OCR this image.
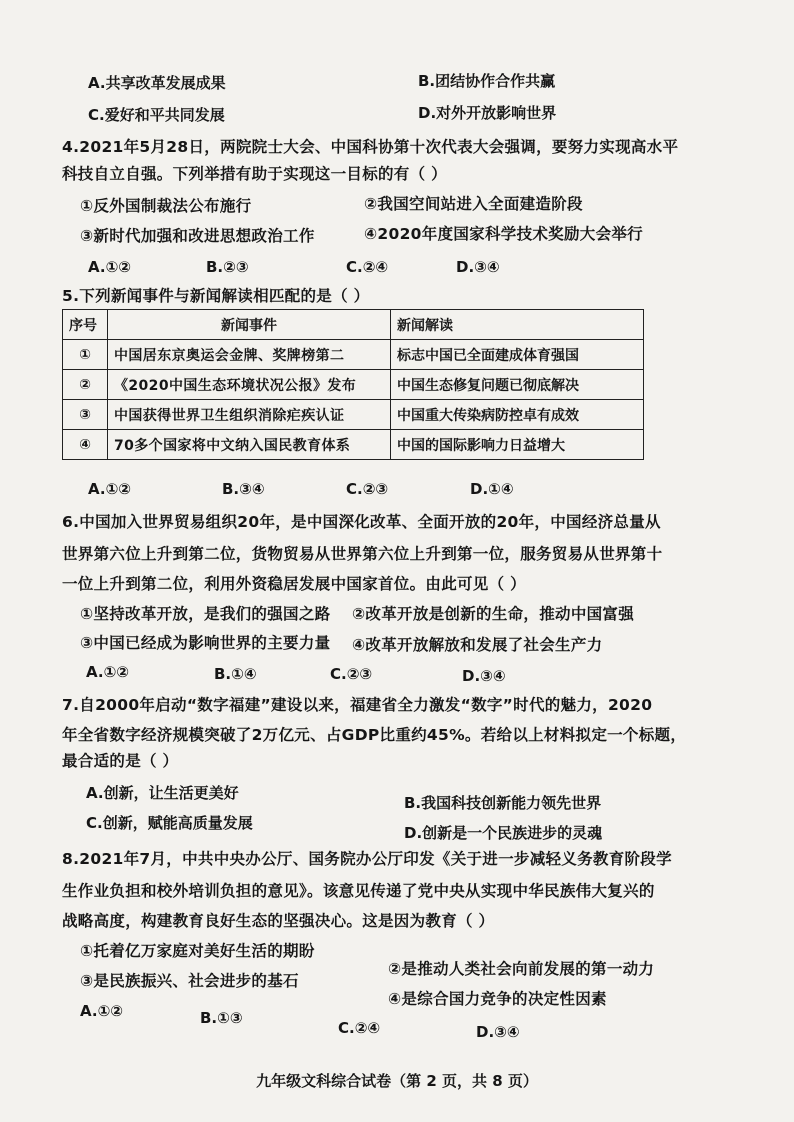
A.共享改革发展成果	B.团结协作合作共赢
C.爱好和平共同发展	D.对外开放影响世界
4.2021年5月28日，两院院士大会、中国科协第十次代表大会强调，要努力实现高水平
科技自立自强。下列举措有助于实现这一目标的有（ ）
①反外国制裁法公布施行	②我国空间站进入全面建造阶段
③新时代加强和改进思想政治工作	④2020年度国家科学技术奖励大会举行
A.①②	B.②③	C.②④	D.③④
5.下列新闻事件与新闻解读相匹配的是（ ）
序号	新闻事件	新闻解读
①	中国居东京奥运会金牌、奖牌榜第二	标志中国已全面建成体育强国
②	《2020中国生态环境状况公报》发布	中国生态修复问题已彻底解决
③	中国获得世界卫生组织消除疟疾认证	中国重大传染病防控卓有成效
④	70多个国家将中文纳入国民教育体系	中国的国际影响力日益增大
A.①②	B.③④	C.②③	D.①④
6.中国加入世界贸易组织20年，是中国深化改革、全面开放的20年，中国经济总量从
世界第六位上升到第二位，货物贸易从世界第六位上升到第一位，服务贸易从世界第十
一位上升到第二位，利用外资稳居发展中国家首位。由此可见（ ）
①坚持改革开放，是我们的强国之路 ②改革开放是创新的生命，推动中国富强
③中国已经成为影响世界的主要力量 ④改革开放解放和发展了社会生产力
A.①②	B.①④	C.②③	D.③④
7.自2000年启动“数字福建”建设以来，福建省全力激发“数字”时代的魅力，2020
年全省数字经济规模突破了2万亿元、占GDP比重约45%。若给以上材料拟定一个标题，
最合适的是（ ）
A.创新，让生活更美好
B.我国科技创新能力领先世界
C.创新，赋能高质量发展
D.创新是一个民族进步的灵魂
8.2021年7月，中共中央办公厅、国务院办公厅印发《关于进一步减轻义务教育阶段学
生作业负担和校外培训负担的意见》。该意见传递了党中央从实现中华民族伟大复兴的
战略高度，构建教育良好生态的坚强决心。这是因为教育（ ）
①托着亿万家庭对美好生活的期盼
②是推动人类社会向前发展的第一动力
③是民族振兴、社会进步的基石
④是综合国力竞争的决定性因素
A.①②	B.①③
C.②④	D.③④
九年级文科综合试卷（第 2 页，共 8 页）
